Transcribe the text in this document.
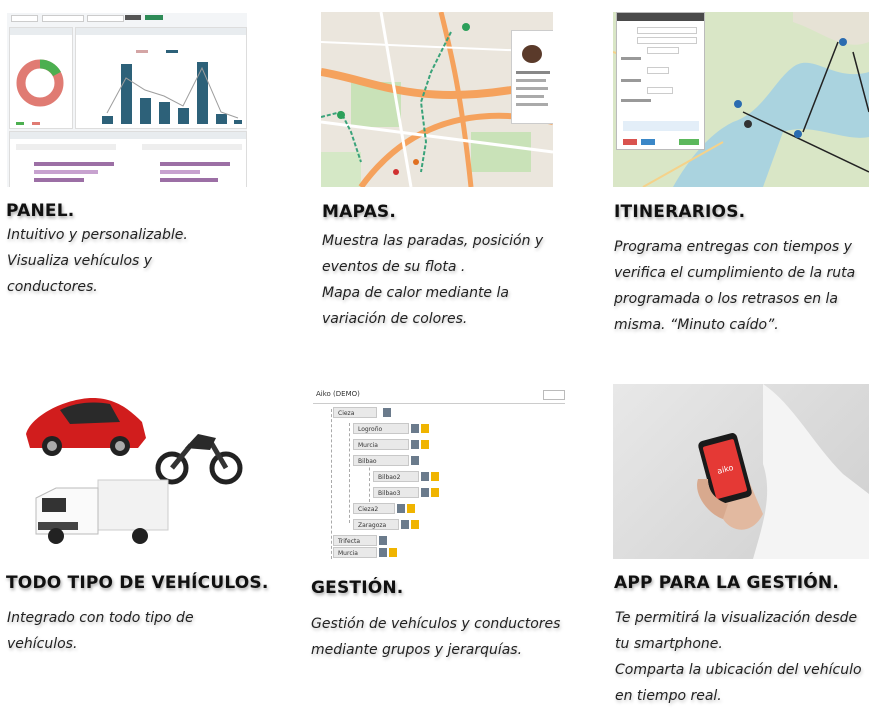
PANEL.
Intuitivo y personalizable.
Visualiza vehículos y
conductores.
MAPAS.
Muestra las paradas, posición y
eventos de su flota .
Mapa de calor mediante la
variación de colores.
ITINERARIOS.
Programa entregas con tiempos y
verifica el cumplimiento de la ruta
programada o los retrasos en la
misma. “Minuto caído”.
TODO TIPO DE VEHÍCULOS.
Integrado con todo tipo de
vehículos.
Aiko (DEMO)
Cieza
Logroño
Murcia
Bilbao
Bilbao2
Bilbao3
Cieza2
Zaragoza
Trifecta
Murcia
GESTIÓN.
Gestión de vehículos y conductores
mediante grupos y jerarquías.
aiko
APP PARA LA GESTIÓN.
Te permitirá la visualización desde
tu smartphone.
Comparta la ubicación del vehículo
en tiempo real.
